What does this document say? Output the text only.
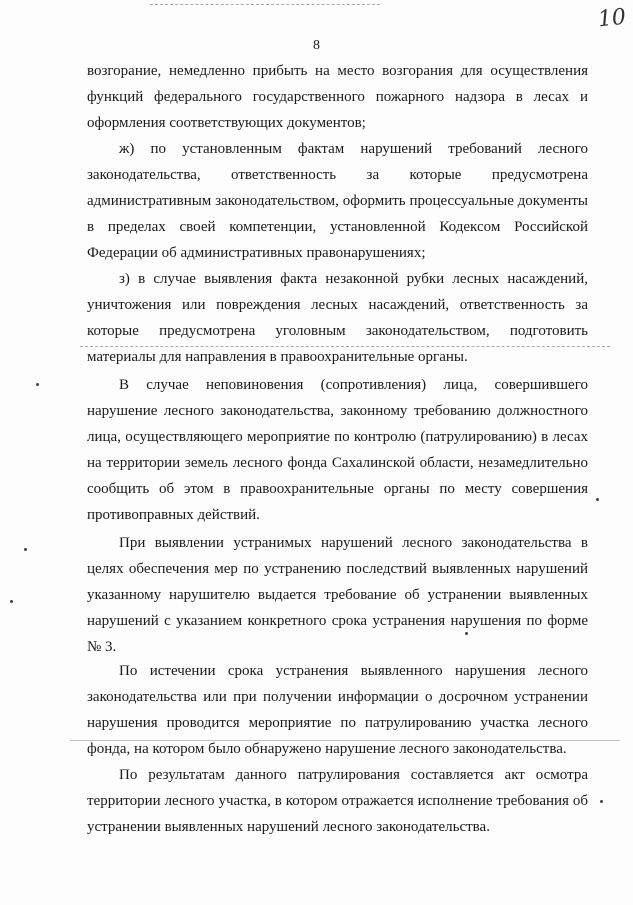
10
8

возгорание, немедленно прибыть на место возгорания для осуществления функций федерального государственного пожарного надзора в лесах и оформления соответствующих документов;

ж) по установленным фактам нарушений требований лесного законодательства, ответственность за которые предусмотрена административным законодательством, оформить процессуальные документы в пределах своей компетенции, установленной Кодексом Российской Федерации об административных правонарушениях;

з) в случае выявления факта незаконной рубки лесных насаждений, уничтожения или повреждения лесных насаждений, ответственность за которые предусмотрена уголовным законодательством, подготовить материалы для направления в правоохранительные органы.

В случае неповиновения (сопротивления) лица, совершившего нарушение лесного законодательства, законному требованию должностного лица, осуществляющего мероприятие по контролю (патрулированию) в лесах на территории земель лесного фонда Сахалинской области, незамедлительно сообщить об этом в правоохранительные органы по месту совершения противоправных действий.

При выявлении устранимых нарушений лесного законодательства в целях обеспечения мер по устранению последствий выявленных нарушений указанному нарушителю выдается требование об устранении выявленных нарушений с указанием конкретного срока устранения нарушения по форме № 3.

По истечении срока устранения выявленного нарушения лесного законодательства или при получении информации о досрочном устранении нарушения проводится мероприятие по патрулированию участка лесного фонда, на котором было обнаружено нарушение лесного законодательства.

По результатам данного патрулирования составляется акт осмотра территории лесного участка, в котором отражается исполнение требования об устранении выявленных нарушений лесного законодательства.
